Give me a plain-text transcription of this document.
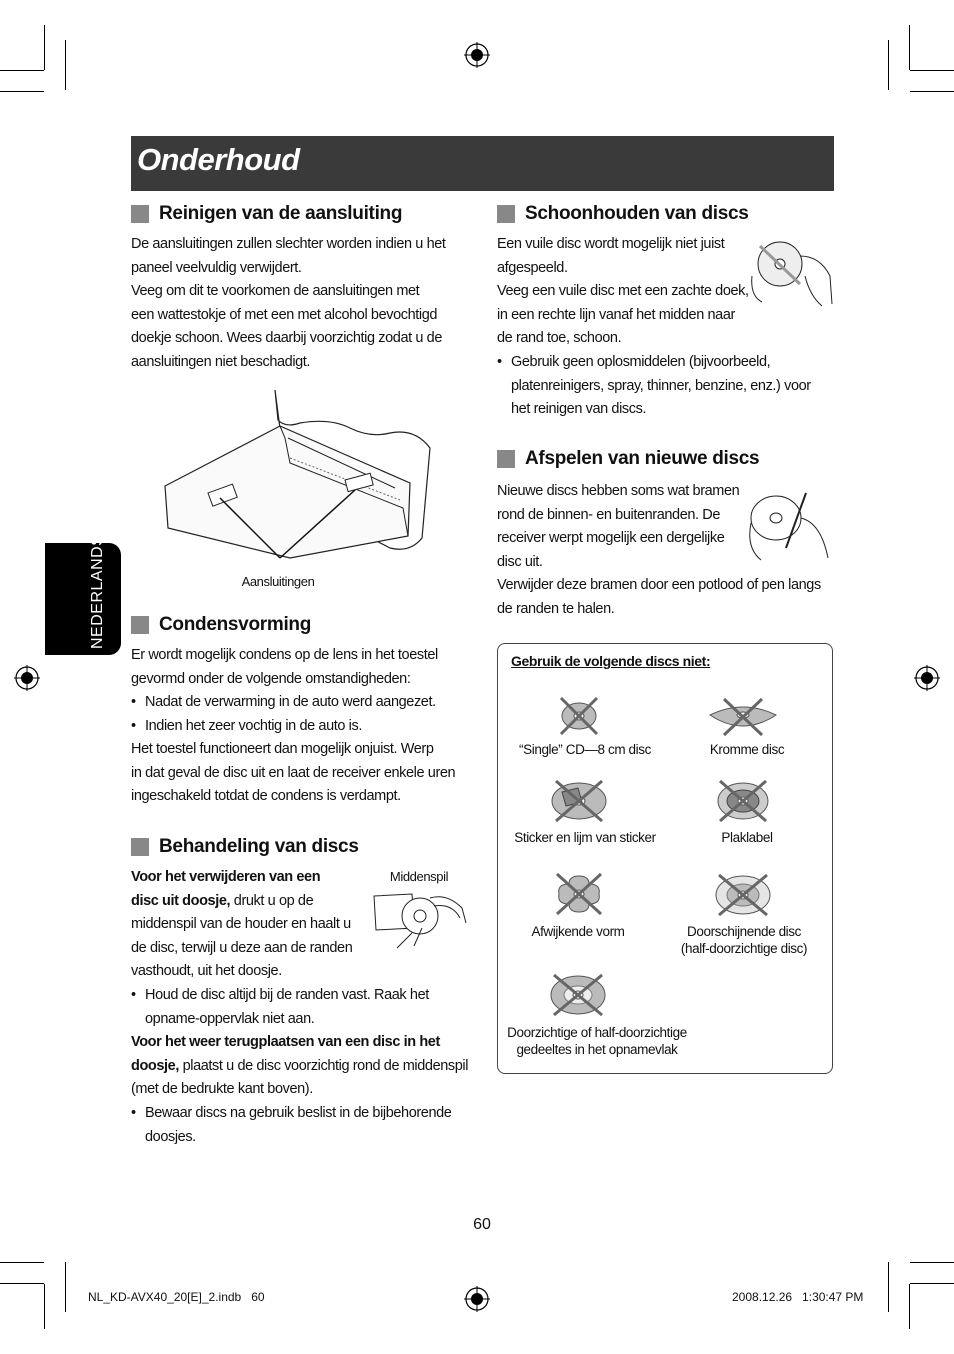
Onderhoud
NEDERLANDS
Reinigen van de aansluiting
De aansluitingen zullen slechter worden indien u het
paneel veelvuldig verwijdert.
Veeg om dit te voorkomen de aansluitingen met
een wattestokje of met een met alcohol bevochtigd
doekje schoon. Wees daarbij voorzichtig zodat u de
aansluitingen niet beschadigt.
Aansluitingen
Condensvorming
Er wordt mogelijk condens op de lens in het toestel
gevormd onder de volgende omstandigheden:
• Nadat de verwarming in de auto werd aangezet.
• Indien het zeer vochtig in de auto is.
Het toestel functioneert dan mogelijk onjuist. Werp
in dat geval de disc uit en laat de receiver enkele uren
ingeschakeld totdat de condens is verdampt.
Behandeling van discs
Middenspil
Voor het verwijderen van een
disc uit doosje, drukt u op de
middenspil van de houder en haalt u
de disc, terwijl u deze aan de randen
vasthoudt, uit het doosje.
• Houd de disc altijd bij de randen vast. Raak het
opname-oppervlak niet aan.
Voor het weer terugplaatsen van een disc in het
doosje, plaatst u de disc voorzichtig rond de middenspil
(met de bedrukte kant boven).
• Bewaar discs na gebruik beslist in de bijbehorende
doosjes.
Schoonhouden van discs
Een vuile disc wordt mogelijk niet juist
afgespeeld.
Veeg een vuile disc met een zachte doek,
in een rechte lijn vanaf het midden naar
de rand toe, schoon.
• Gebruik geen oplosmiddelen (bijvoorbeeld,
platenreinigers, spray, thinner, benzine, enz.) voor
het reinigen van discs.
Afspelen van nieuwe discs
Nieuwe discs hebben soms wat bramen
rond de binnen- en buitenranden. De
receiver werpt mogelijk een dergelijke
disc uit.
Verwijder deze bramen door een potlood of pen langs
de randen te halen.
Gebruik de volgende discs niet:
“Single” CD—8 cm disc	Kromme disc
Sticker en lijm van sticker	Plaklabel
Afwijkende vorm	Doorschijnende disc
(half-doorzichtige disc)
Doorzichtige of half-doorzichtige
gedeeltes in het opnamevlak
60
NL_KD-AVX40_20[E]_2.indb   60	2008.12.26   1:30:47 PM
